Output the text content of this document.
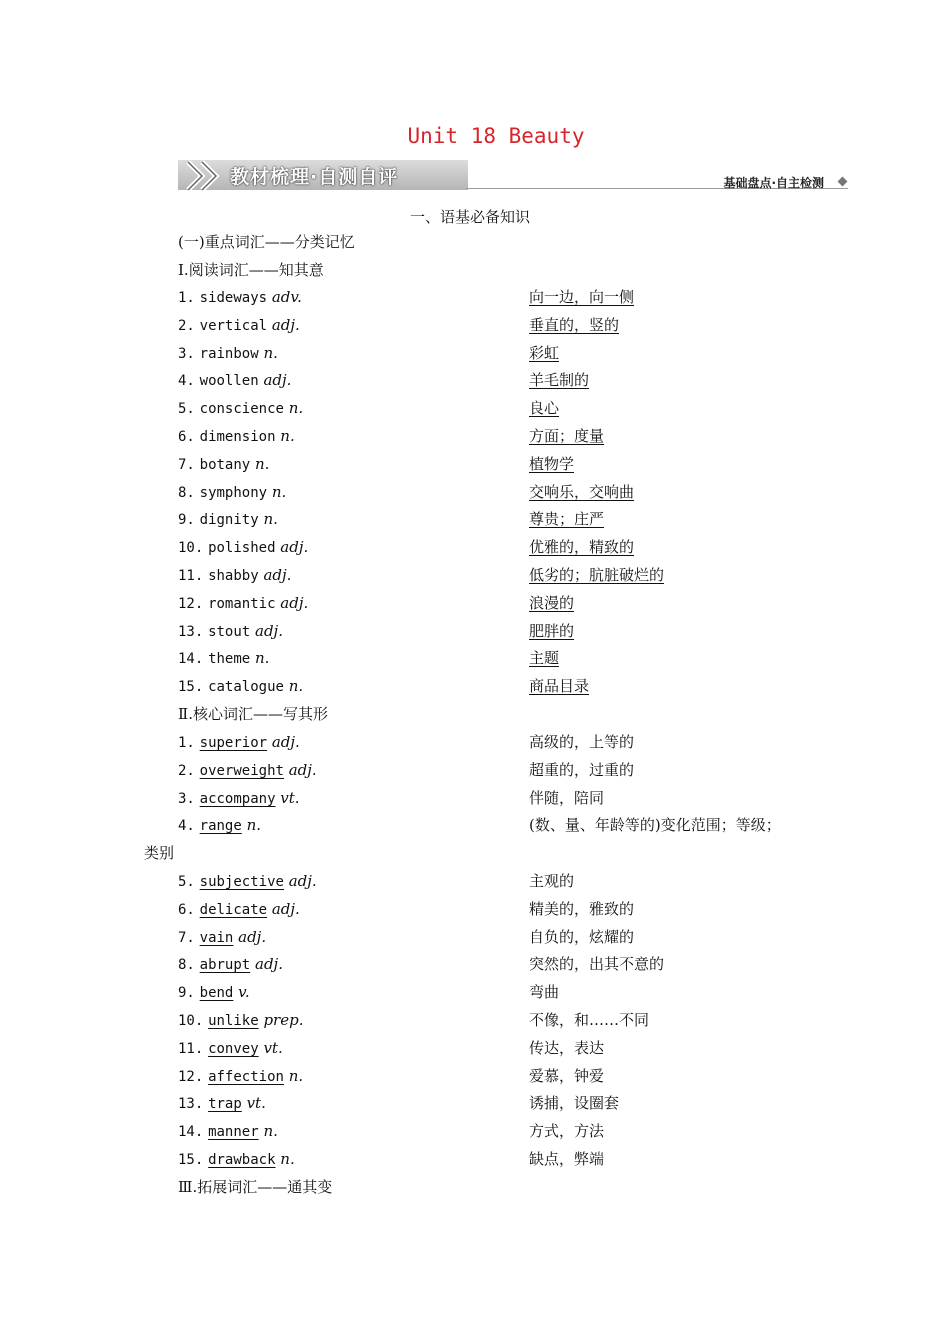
Unit 18 Beauty
教材梳理·自测自评	基础盘点·自主检测
一、语基必备知识
(一)重点词汇——分类记忆
Ⅰ.阅读词汇——知其意
1. sideways adv.	向一边，向一侧
2. vertical adj.	垂直的，竖的
3. rainbow n.	彩虹
4. woollen adj.	羊毛制的
5. conscience n.	良心
6. dimension n.	方面；度量
7. botany n.	植物学
8. symphony n.	交响乐，交响曲
9. dignity n.	尊贵；庄严
10. polished adj.	优雅的，精致的
11. shabby adj.	低劣的；肮脏破烂的
12. romantic adj.	浪漫的
13. stout adj.	肥胖的
14. theme n.	主题
15. catalogue n.	商品目录
Ⅱ.核心词汇——写其形
1. superior adj.	高级的，上等的
2. overweight adj.	超重的，过重的
3. accompany vt.	伴随，陪同
4. range n.	(数、量、年龄等的)变化范围；等级；
类别
5. subjective adj.	主观的
6. delicate adj.	精美的，雅致的
7. vain adj.	自负的，炫耀的
8. abrupt adj.	突然的，出其不意的
9. bend v.	弯曲
10. unlike prep.	不像，和……不同
11. convey vt.	传达，表达
12. affection n.	爱慕，钟爱
13. trap vt.	诱捕，设圈套
14. manner n.	方式，方法
15. drawback n.	缺点，弊端
Ⅲ.拓展词汇——通其变
